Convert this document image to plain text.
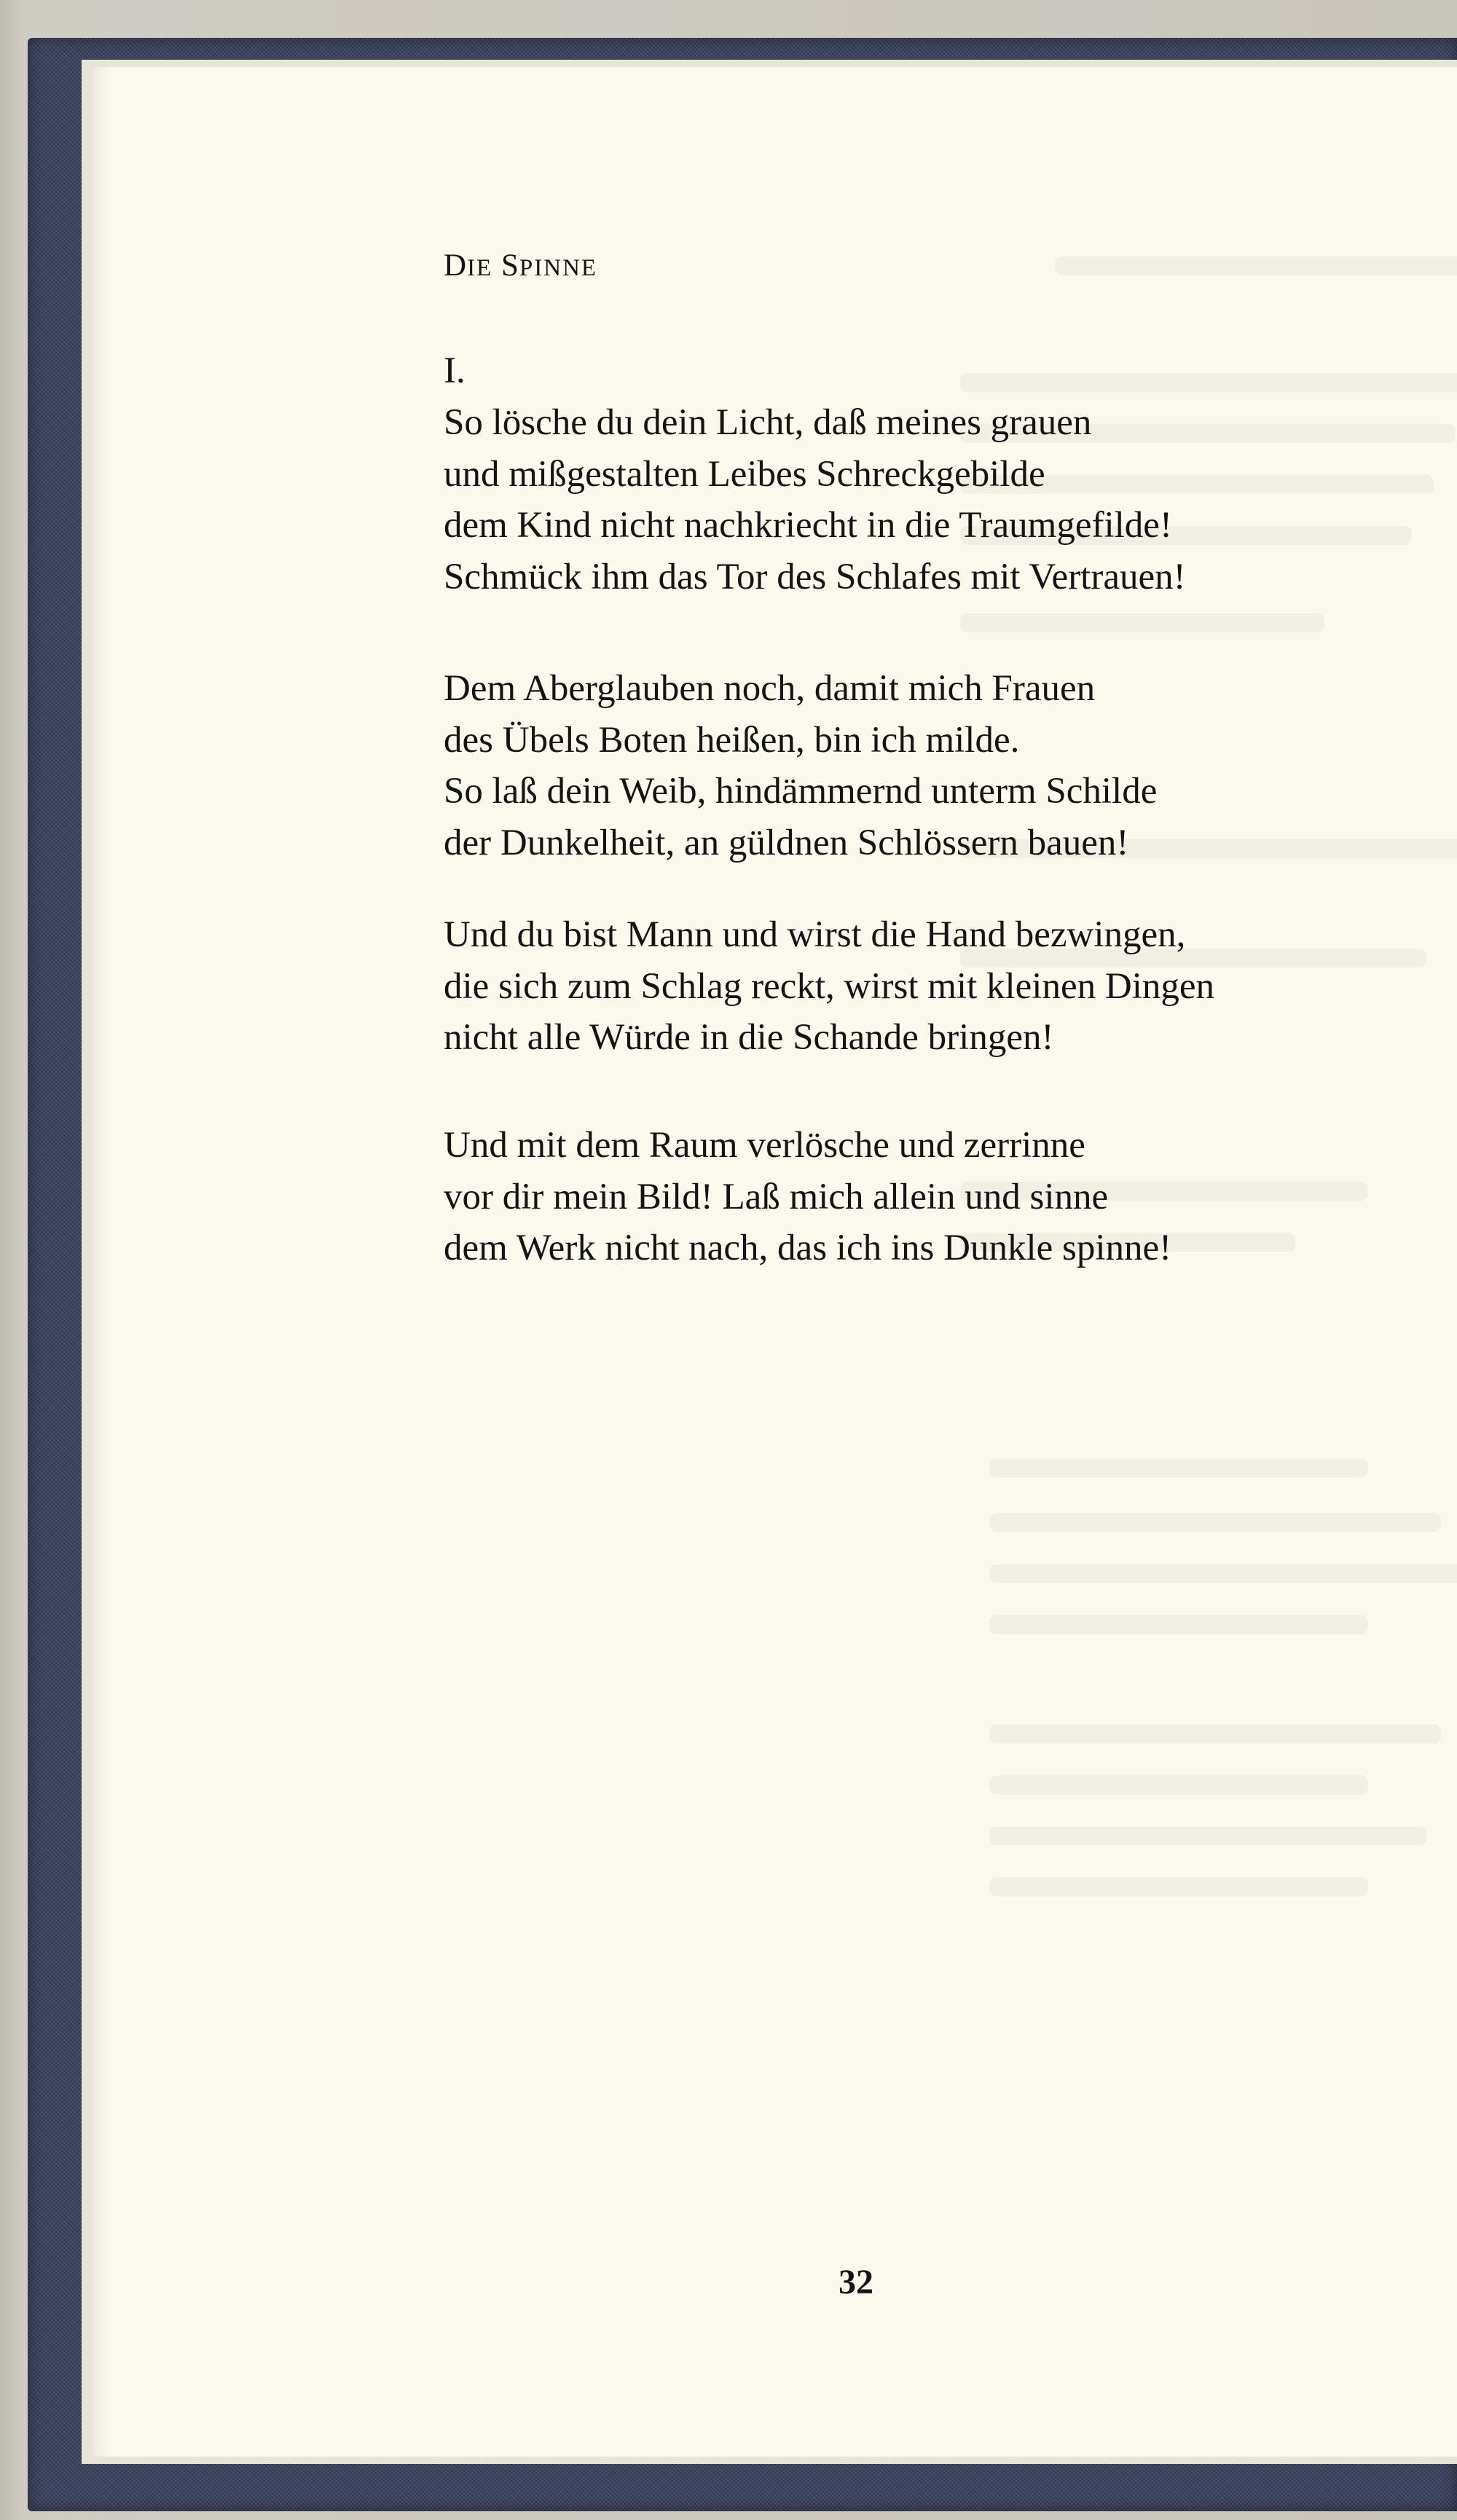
DIE SPINNE
I.
So lösche du dein Licht, daß meines grauen
und mißgestalten Leibes Schreckgebilde
dem Kind nicht nachkriecht in die Traumgefilde!
Schmück ihm das Tor des Schlafes mit Vertrauen!
Dem Aberglauben noch, damit mich Frauen
des Übels Boten heißen, bin ich milde.
So laß dein Weib, hindämmernd unterm Schilde
der Dunkelheit, an güldnen Schlössern bauen!
Und du bist Mann und wirst die Hand bezwingen,
die sich zum Schlag reckt, wirst mit kleinen Dingen
nicht alle Würde in die Schande bringen!
Und mit dem Raum verlösche und zerrinne
vor dir mein Bild! Laß mich allein und sinne
dem Werk nicht nach, das ich ins Dunkle spinne!
32
